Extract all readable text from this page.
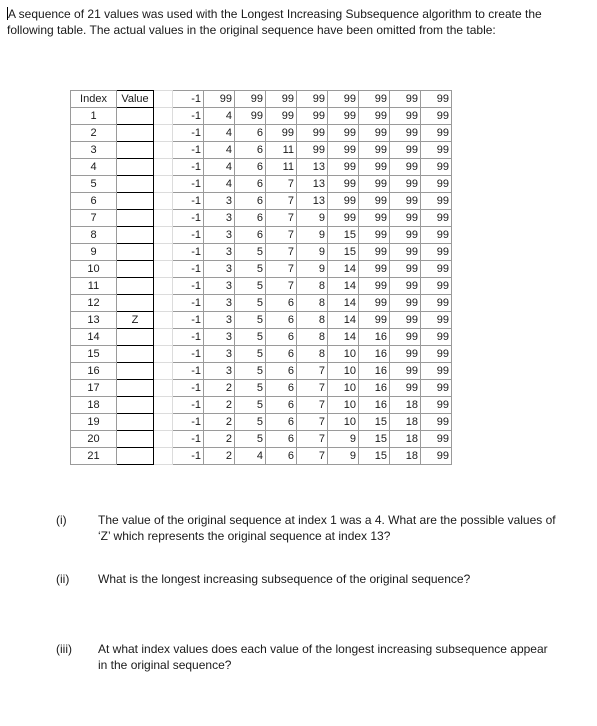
A sequence of 21 values was used with the Longest Increasing Subsequence algorithm to create the following table. The actual values in the original sequence have been omitted from the table:
Index	Value		-1	99	99	99	99	99	99	99	99
1			-1	4	99	99	99	99	99	99	99
2			-1	4	6	99	99	99	99	99	99
3			-1	4	6	11	99	99	99	99	99
4			-1	4	6	11	13	99	99	99	99
5			-1	4	6	7	13	99	99	99	99
6			-1	3	6	7	13	99	99	99	99
7			-1	3	6	7	9	99	99	99	99
8			-1	3	6	7	9	15	99	99	99
9			-1	3	5	7	9	15	99	99	99
10			-1	3	5	7	9	14	99	99	99
11			-1	3	5	7	8	14	99	99	99
12			-1	3	5	6	8	14	99	99	99
13	Z		-1	3	5	6	8	14	99	99	99
14			-1	3	5	6	8	14	16	99	99
15			-1	3	5	6	8	10	16	99	99
16			-1	3	5	6	7	10	16	99	99
17			-1	2	5	6	7	10	16	99	99
18			-1	2	5	6	7	10	16	18	99
19			-1	2	5	6	7	10	15	18	99
20			-1	2	5	6	7	9	15	18	99
21			-1	2	4	6	7	9	15	18	99
(i)	The value of the original sequence at index 1 was a 4. What are the possible values of ‘Z’ which represents the original sequence at index 13?
(ii) What is the longest increasing subsequence of the original sequence?
(iii) At what index values does each value of the longest increasing subsequence appear in the original sequence?
